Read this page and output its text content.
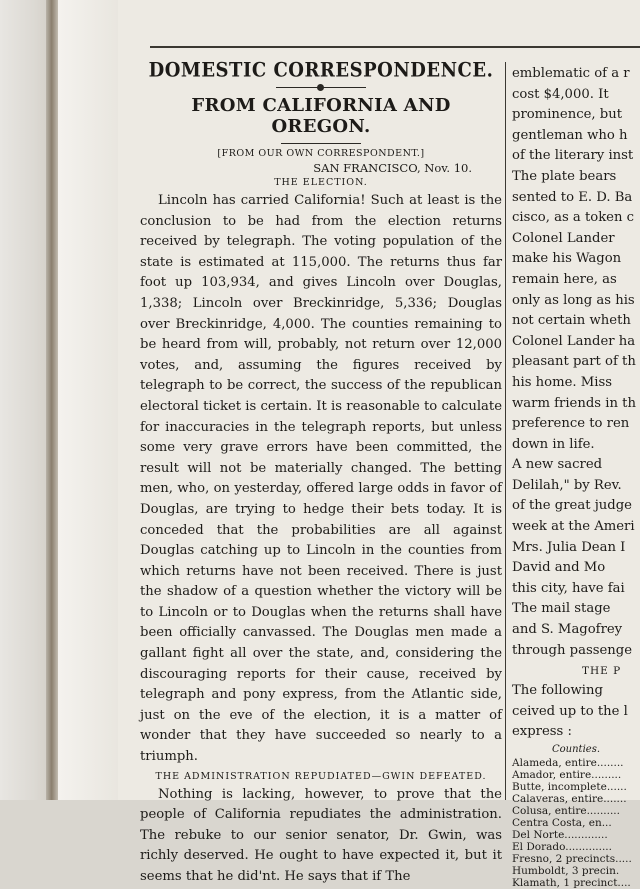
DOMESTIC CORRESPONDENCE.
FROM CALIFORNIA AND OREGON.
[FROM OUR OWN CORRESPONDENT.]
SAN FRANCISCO, Nov. 10.
THE ELECTION.

Lincoln has carried California! Such at least is the conclusion to be had from the election returns received by telegraph. The voting population of the state is estimated at 115,000. The returns thus far foot up 103,934, and gives Lincoln over Douglas, 1,338; Lincoln over Breckinridge, 5,336; Douglas over Breckinridge, 4,000. The counties remaining to be heard from will, probably, not return over 12,000 votes, and, assuming the figures received by telegraph to be correct, the success of the republican electoral ticket is certain. It is reasonable to calculate for inaccuracies in the telegraph reports, but unless some very grave errors have been committed, the result will not be materially changed. The betting men, who, on yesterday, offered large odds in favor of Douglas, are trying to hedge their bets today. It is conceded that the probabilities are all against Douglas catching up to Lincoln in the counties from which returns have not been received. There is just the shadow of a question whether the victory will be to Lincoln or to Douglas when the returns shall have been officially canvassed. The Douglas men made a gallant fight all over the state, and, considering the discouraging reports for their cause, received by telegraph and pony express, from the Atlantic side, just on the eve of the election, it is a matter of wonder that they have succeeded so nearly to a triumph.

THE ADMINISTRATION REPUDIATED—GWIN DEFEATED.

Nothing is lacking, however, to prove that the people of California repudiates the administration. The rebuke to our senior senator, Dr. Gwin, was richly deserved. He ought to have expected it, but it seems that he did'nt. He says that if The

emblematic of a r
cost $4,000. It
prominence, but
gentleman who h
of the literary inst
The plate bears
sented to E. D. Ba
cisco, as a token c
Colonel Lander
make his Wagon
remain here, as
only as long as his
not certain wheth
Colonel Lander ha
pleasant part of th
his home. Miss
warm friends in th
preference to ren
down in life.
A new sacred
Delilah," by Rev.
of the great judge
week at the Ameri
Mrs. Julia Dean I
David and Mo
this city, have fai
The mail stage
and S. Magofrey
through passenge
THE P
The following
ceived up to the l
express :
Counties.
Alameda, entire........
Amador, entire.........
Butte, incomplete......
Calaveras, entire.......
Colusa, entire..........
Centra Costa, en...
Del Norte.............
El Dorado..............
Fresno, 2 precincts.....
Humboldt, 3 precin.
Klamath, 1 precinct....
